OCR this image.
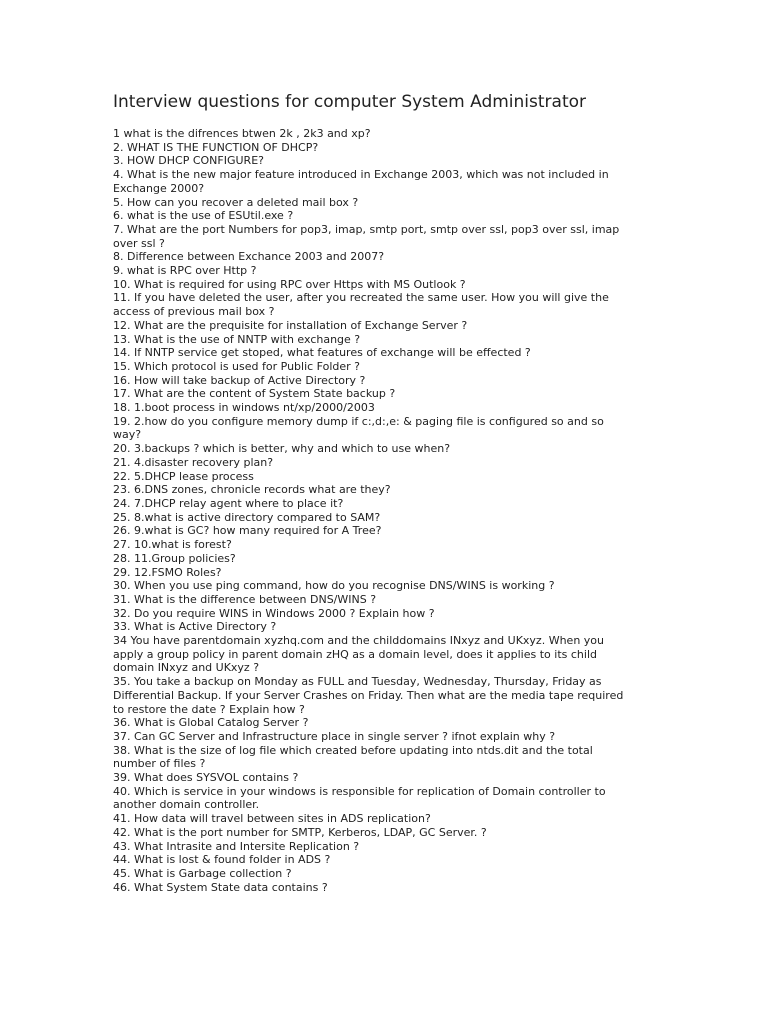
Interview questions for computer System Administrator
1 what is the difrences btwen 2k , 2k3 and xp?
2. WHAT IS THE FUNCTION OF DHCP?
3. HOW DHCP CONFIGURE?
4. What is the new major feature introduced in Exchange 2003, which was not included in
Exchange 2000?
5. How can you recover a deleted mail box ?
6. what is the use of ESUtil.exe ?
7. What are the port Numbers for pop3, imap, smtp port, smtp over ssl, pop3 over ssl, imap
over ssl ?
8. Difference between Exchance 2003 and 2007?
9. what is RPC over Http ?
10. What is required for using RPC over Https with MS Outlook ?
11. If you have deleted the user, after you recreated the same user. How you will give the
access of previous mail box ?
12. What are the prequisite for installation of Exchange Server ?
13. What is the use of NNTP with exchange ?
14. If NNTP service get stoped, what features of exchange will be effected ?
15. Which protocol is used for Public Folder ?
16. How will take backup of Active Directory ?
17. What are the content of System State backup ?
18. 1.boot process in windows nt/xp/2000/2003
19. 2.how do you configure memory dump if c:,d:,e: & paging file is configured so and so
way?
20. 3.backups ? which is better, why and which to use when?
21. 4.disaster recovery plan?
22. 5.DHCP lease process
23. 6.DNS zones, chronicle records what are they?
24. 7.DHCP relay agent where to place it?
25. 8.what is active directory compared to SAM?
26. 9.what is GC? how many required for A Tree?
27. 10.what is forest?
28. 11.Group policies?
29. 12.FSMO Roles?
30. When you use ping command, how do you recognise DNS/WINS is working ?
31. What is the difference between DNS/WINS ?
32. Do you require WINS in Windows 2000 ? Explain how ?
33. What is Active Directory ?
34 You have parentdomain xyzhq.com and the childdomains INxyz and UKxyz. When you
apply a group policy in parent domain zHQ as a domain level, does it applies to its child
domain INxyz and UKxyz ?
35. You take a backup on Monday as FULL and Tuesday, Wednesday, Thursday, Friday as
Differential Backup. If your Server Crashes on Friday. Then what are the media tape required
to restore the date ? Explain how ?
36. What is Global Catalog Server ?
37. Can GC Server and Infrastructure place in single server ? ifnot explain why ?
38. What is the size of log file which created before updating into ntds.dit and the total
number of files ?
39. What does SYSVOL contains ?
40. Which is service in your windows is responsible for replication of Domain controller to
another domain controller.
41. How data will travel between sites in ADS replication?
42. What is the port number for SMTP, Kerberos, LDAP, GC Server. ?
43. What Intrasite and Intersite Replication ?
44. What is lost & found folder in ADS ?
45. What is Garbage collection ?
46. What System State data contains ?
